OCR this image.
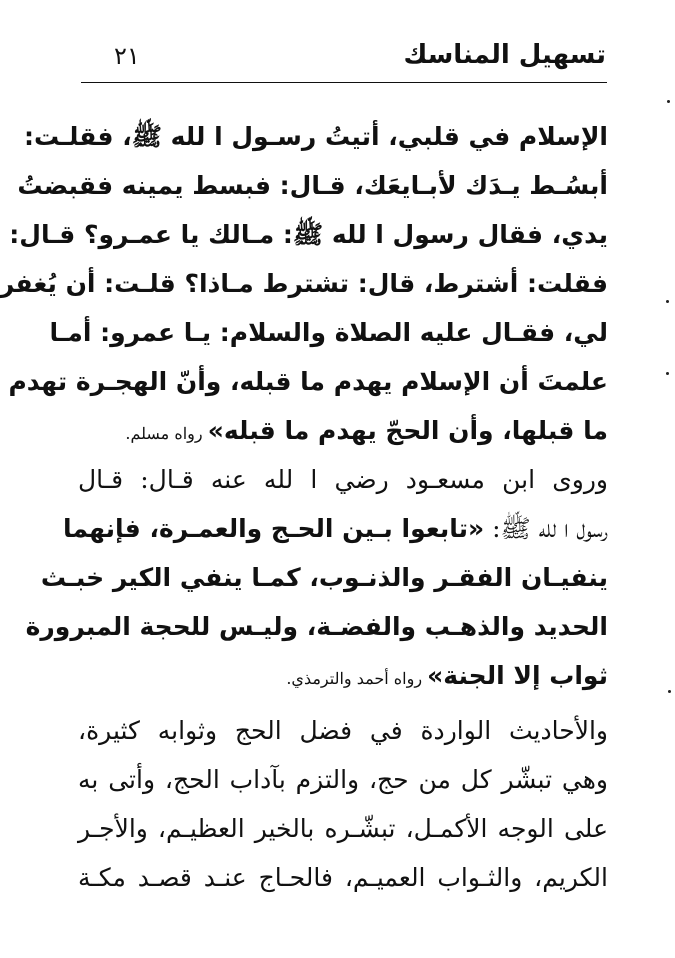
تسهيل المناسك
٢١
الإسلام في قلبي، أتيتُ رسـول ا لله ﷺ، فقلـت:
أبسُـط يـدَك لأبـايعَك، قـال: فبسط يمينه فقبضتُ
يدي، فقال رسول ا لله ﷺ: مـالك يا عمـرو؟ قـال:
فقلت: أشترط، قال: تشترط مـاذا؟ قلـت: أن يُغفر
لي، فقـال عليه الصلاة والسلام: يـا عمرو: أمـا
علمتَ أن الإسلام يهدم ما قبله، وأنّ الهجـرة تهدم
ما قبلها، وأن الحجّ يهدم ما قبله» رواه مسلم.
وروى ابن مسعـود رضي ا لله عنه قـال: قـال
رسول ا لله ﷺ: «تابعوا بـين الحـج والعمـرة، فإنهما
ينفيـان الفقـر والذنـوب، كمـا ينفي الكير خبـث
الحديد والذهـب والفضـة، وليـس للحجة المبرورة
ثواب إلا الجنة» رواه أحمد والترمذي.
والأحاديث الواردة في فضل الحج وثوابه كثيرة،
وهي تبشّر كل من حج، والتزم بآداب الحج، وأتى به
على الوجه الأكمـل، تبشّـره بالخير العظيـم، والأجـر
الكريم، والثـواب العميـم، فالحـاج عنـد قصـد مكـة
